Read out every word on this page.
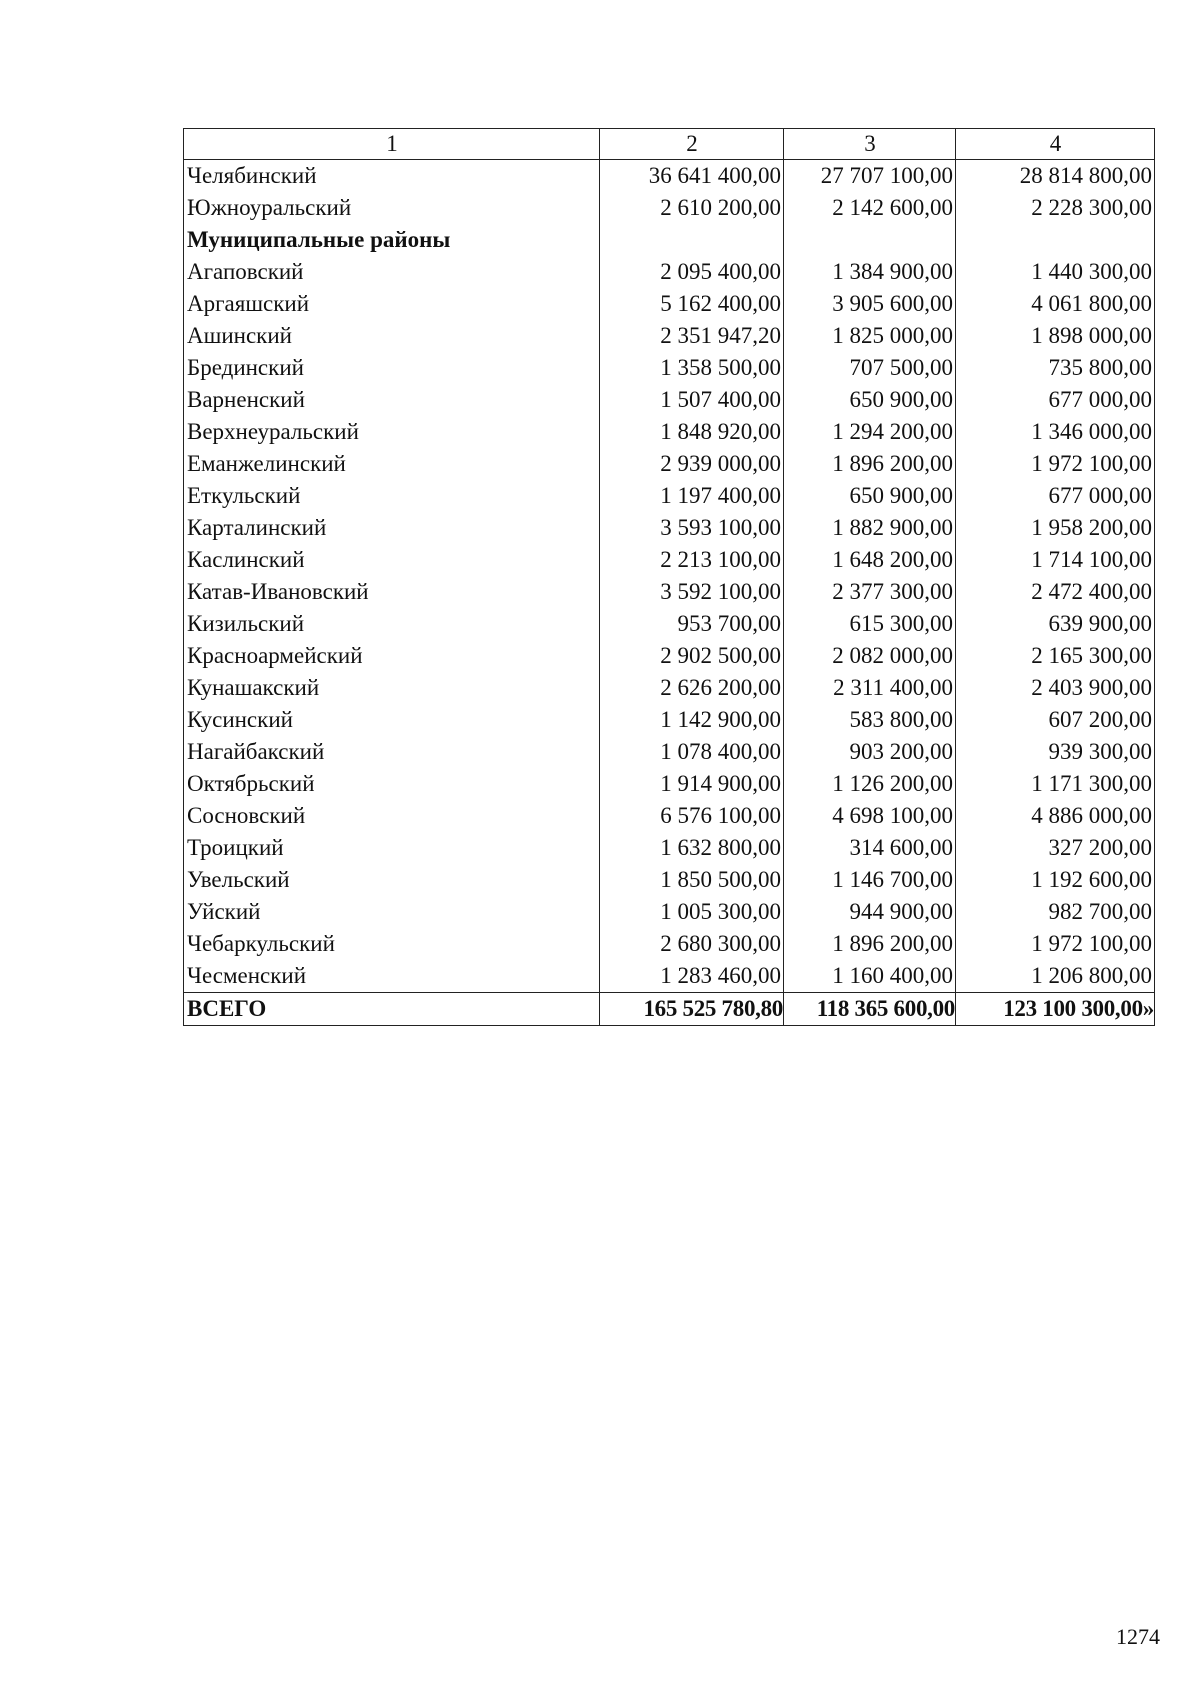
1	2	3	4
Челябинский	36 641 400,00	27 707 100,00	28 814 800,00
Южноуральский	2 610 200,00	2 142 600,00	2 228 300,00
Муниципальные районы			
Агаповский	2 095 400,00	1 384 900,00	1 440 300,00
Аргаяшский	5 162 400,00	3 905 600,00	4 061 800,00
Ашинский	2 351 947,20	1 825 000,00	1 898 000,00
Брединский	1 358 500,00	707 500,00	735 800,00
Варненский	1 507 400,00	650 900,00	677 000,00
Верхнеуральский	1 848 920,00	1 294 200,00	1 346 000,00
Еманжелинский	2 939 000,00	1 896 200,00	1 972 100,00
Еткульский	1 197 400,00	650 900,00	677 000,00
Карталинский	3 593 100,00	1 882 900,00	1 958 200,00
Каслинский	2 213 100,00	1 648 200,00	1 714 100,00
Катав-Ивановский	3 592 100,00	2 377 300,00	2 472 400,00
Кизильский	953 700,00	615 300,00	639 900,00
Красноармейский	2 902 500,00	2 082 000,00	2 165 300,00
Кунашакский	2 626 200,00	2 311 400,00	2 403 900,00
Кусинский	1 142 900,00	583 800,00	607 200,00
Нагайбакский	1 078 400,00	903 200,00	939 300,00
Октябрьский	1 914 900,00	1 126 200,00	1 171 300,00
Сосновский	6 576 100,00	4 698 100,00	4 886 000,00
Троицкий	1 632 800,00	314 600,00	327 200,00
Увельский	1 850 500,00	1 146 700,00	1 192 600,00
Уйский	1 005 300,00	944 900,00	982 700,00
Чебаркульский	2 680 300,00	1 896 200,00	1 972 100,00
Чесменский	1 283 460,00	1 160 400,00	1 206 800,00
ВСЕГО	165 525 780,80	118 365 600,00	123 100 300,00»
1274
